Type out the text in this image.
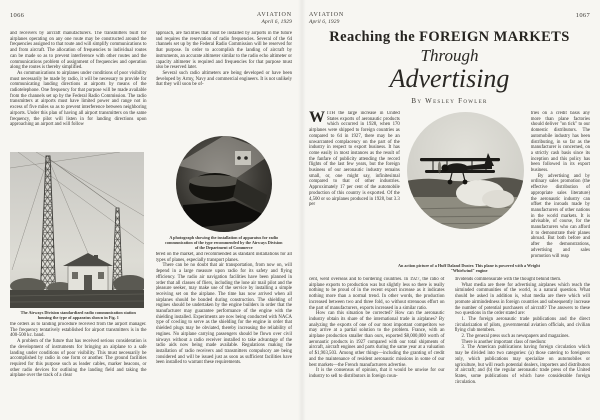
1066	AVIATION
April 6, 1929

and receivers by aircraft manufacturers. The transmitters built for airplanes operating on any one route may be constructed around the frequencies assigned to that route and will simplify communications to and from aircraft. The allocation of frequencies to individual routes can be made so as to prevent interference with other routes and the communications problem of assignment of frequencies and operation along the routes is thereby simplified.

As communications to airplanes under conditions of poor visibility must necessarily be made by radio, it will be necessary to provide for communicating landing directions at airports by means of the radiotelephone. One frequency for that purpose will be made available from the channels set up by the Federal Radio Commission. The radio transmitters at airports must have limited power and range not in excess of five miles so as to prevent interference between neighboring airports. Under this plan of having all airport transmitters on the same frequency, the pilot will listen in for landing directions upon approaching an airport and will follow

The Airways Division standardized radio communication station housing the type of apparatus shown in Fig. 1

the orders as to landing procedure received from the airport manager. The frequency tentatively established for airport transmitters is in the 400-500 kc. band.

A problem of the future that has received serious consideration is the development of instruments for bringing an airplane to a safe landing under conditions of poor visibility. This must necessarily be accomplished by radio in one form or another. The ground facilities required for this purpose such as leader cables, marker beacons, or other radio devices for outlining the landing field and taking the airplane over the track of a clear

approach, are facilities that must be installed by airports in the future and requires the reservation of radio frequencies. Several of the 64 channels set up by the Federal Radio Commission will be reserved for that purpose. In order to accomplish the landing of aircraft by instruments, an accurate altimeter similar to the radio echo altimeter or capacity altimeter is required and frequencies for that purpose must also be reserved later.

Several such radio altimeters are being developed or have been developed by Army, Navy and commercial engineers. It is not unlikely that they will soon be of-

A photograph showing the installation of apparatus for radio communication of the type recommended by the Airways Division of the Department of Commerce

fered on the market, and recommended as standard installations for all types of planes, especially transport planes.

There can be no doubt that air transportation, from now on, will depend in a large measure upon radio for its safety and flying efficiency. The radio air navigation facilities have been planned in order that all classes of fliers, including the lone air mail pilot and the pleasure seeker, may make use of the service by installing a simple receiving set on the airplane. The time has now arrived when all airplanes should be bonded during construction. The shielding of engines should be undertaken by the engine builders in order that the manufacturer may guarantee performance of the engine with the shielding installed. Experiments are now being conducted with NACA type of cowling to serve as the shielding for the engine in order that shielded plugs may be obviated, thereby increasing the reliability of engines. No airplane carrying passengers should be flown over civil airways without a radio receiver installed to take advantage of the radio aids now being made available. Regulations making the installation of radio receivers and transmitters compulsory are being considered and will be issued just as soon as sufficient facilities have been installed to warrant these requirements.

AVIATION
April 6, 1929
1067
Reaching the FOREIGN MARKETS
Through
Advertising
By Wesley Fowler

WITH the large increase in United States exports of aeronautic products which occurred in 1928, when 170 airplanes were shipped to foreign countries as compared to 64 in 1927, there may be an unwarranted complacency on the part of the industry in respect to export business. It has come easily in most instances as the result of the fanfare of publicity attending the record flights of the last few years, but the foreign business of our aeronautic industry remains small, or, one might say, infinitesimal compared to that of other industries. Approximately 17 per cent of the automobile production of this country is exported. Of the 4,500 or so airplanes produced in 1928, but 3.3 per

tries on a credit basis any more than plane factories should deliver "on tick" to our domestic distributors. The automobile industry has been distributing, in so far as the manufacturer is concerned, on a strictly cash basis since its inception and this policy has been followed in its export business.

By advertising and by ordinary sales promotion (the effective distribution of appropriate sales literature) the aeronautic industry can offset the inroads made by manufacturers of other nations in the world markets. It is advisable, of course, for the manufacturers who can afford it to demonstrate their planes abroad. But both before and after the demonstrations, advertising and sales promotion will reap

An action picture of a Huff Daland Duster. This plane is powered with a Wright "Whirlwind" engine

cent, went overseas and to bordering countries. In 1927, the ratio of airplane exports to production was but slightly less so there is really nothing to be proud of in the recent export increase as it indicates nothing more than a normal trend. In other words, the production increased between two and three fold, so without strenuous effort on the part of manufacturers, exports increased in a similar ratio.

How can this situation be corrected? How can the aeronautic industry obtain its share of the international trade in airplanes? By analyzing the exports of one of our most important competitors we may arrive at a partial solution to the problem. France, with an airplane production smaller than ours, exported $8,000,000 worth of aeronautic products in 1927 compared with our total shipments of aircraft, aircraft engines and parts during the same year at a valuation of $1,903,503. Among other things—including the granting of credit and the maintenance of resident aeronautic missions in some of our best markets—the French manufacturers advertise.

It is the consensus of opinion, that it would be unwise for our industry to sell to distributors in foreign coun-

dividends commensurate with the thought behind them.

What media are there for advertising airplanes which reach the airminded communities of the world, is a natural question. What should be asked in addition is, what media are there which will promote airmindedness in foreign countries and subsequently increase the number of potential purchasers of aircraft? The answers to these two questions in the order stated are:

1. The foreign aeronautic trade publications and the direct circularization of pilots, governmental aviation officials, and civilian flying club members.

2. The general press such as newspapers and magazines.

There is another important class of medium:

3. The American publications having foreign circulation which may be divided into two categories: (a) those catering to foreigners only, which publications may specialize on automobiles or agriculture, but will reach potential dealers, importers and distributors of aircraft; and (b) the regular aeronautic trade press of the United States, some publications of which have considerable foreign circulation.
